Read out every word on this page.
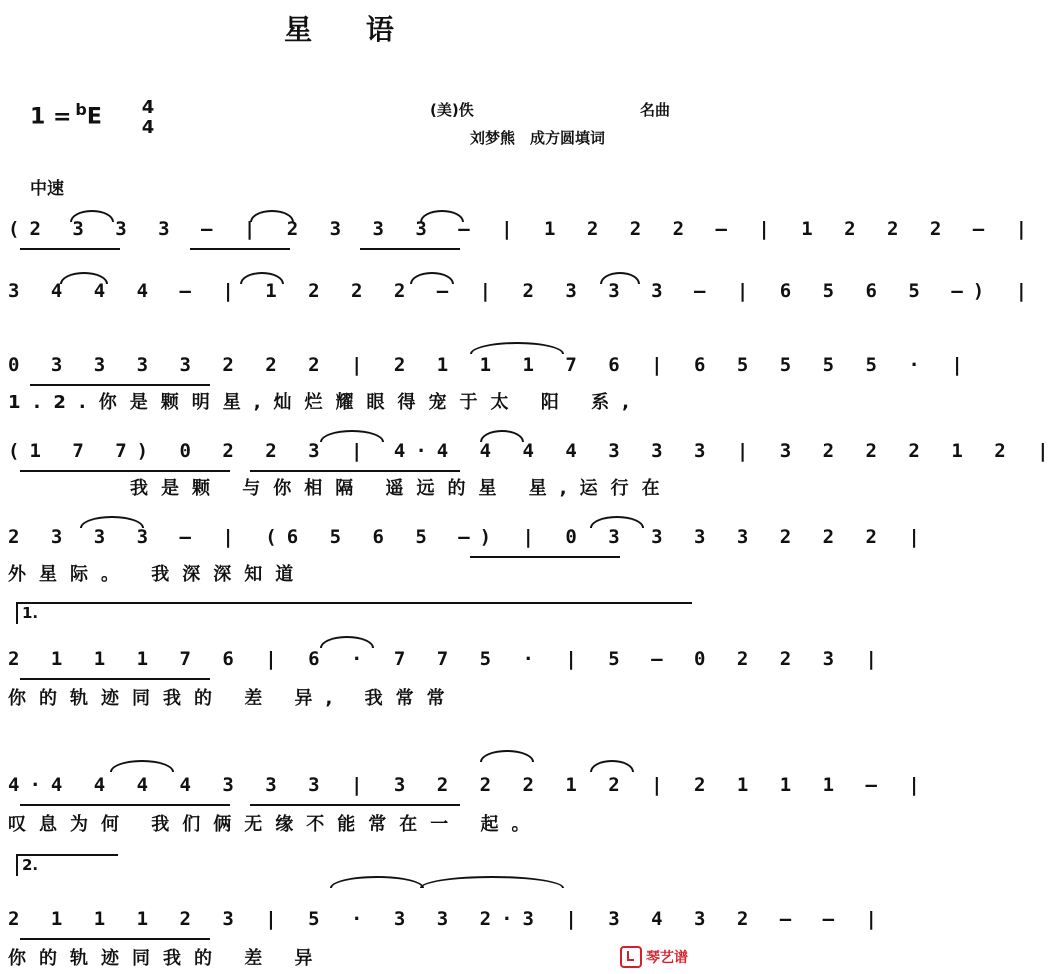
星 语
1 = $^b$E 4
4
(美)佚	名曲
刘梦熊　成方圆填词
中速
(2 3 3 3 – | 2 3 3 3 – | 1 2 2 2 – | 1 2 2 2 – |
3 4 4 4 – | 1 2 2 2 – | 2 3 3 3 – | 6 5 6 5 –) |
0 3 3 3 3 2 2 2 | 2 1 1 1 7 6 | 6 5 5 5 5 · |
1.2.你是颗明星,灿烂耀眼得宠于太 阳 系,
(1 7 7) 0 2 2 3 | 4·4 4 4 4 3 3 3 | 3 2 2 2 1 2 |
我是颗 与你相隔 遥远的星 星,运行在
2 3 3 3 – | (6 5 6 5 –) | 0 3 3 3 3 2 2 2 |
外星际。 我深深知道
1.
2 1 1 1 7 6 | 6 · 7 7 5 · | 5 – 0 2 2 3 |
你的轨迹同我的 差 异, 我常常
4·4 4 4 4 3 3 3 | 3 2 2 2 1 2 | 2 1 1 1 – |
叹息为何 我们俩无缘不能常在一 起。
2.
2 1 1 1 2 3 | 5 · 3 3 2·3 | 3 4 3 2 – – |
你的轨迹同我的 差 异	琴艺谱
